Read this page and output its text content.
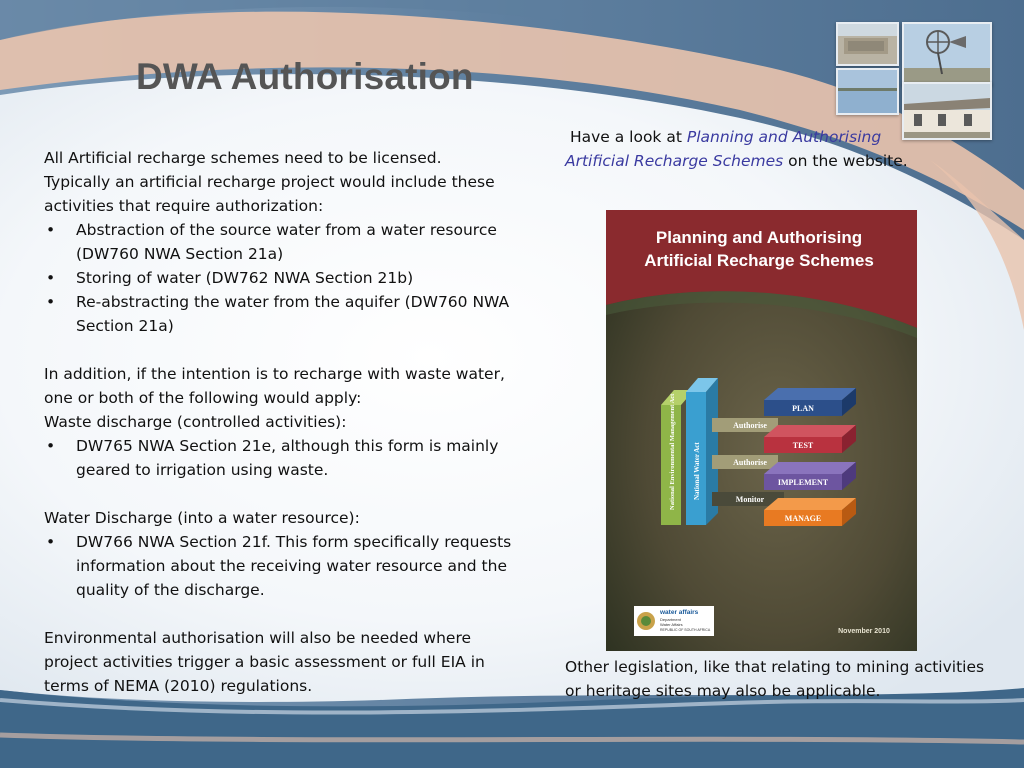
DWA Authorisation

All Artificial recharge schemes need to be licensed.

Typically an artificial recharge project would include these activities that require authorization:

• Abstraction of the source water from a water resource (DW760 NWA Section 21a)
• Storing of water (DW762 NWA Section 21b)
• Re-abstracting the water from the aquifer (DW760 NWA Section 21a)

In addition, if the intention is to recharge with waste water, one or both of the following would apply:

Waste discharge (controlled activities):

• DW765 NWA Section 21e, although this form is mainly geared to irrigation using waste.

Water Discharge (into a water resource):

• DW766 NWA Section 21f. This form specifically requests information about the receiving water resource and the quality of the discharge.

Environmental authorisation will also be needed where project activities trigger a basic assessment or full EIA in terms of NEMA (2010) regulations.

Have a look at Planning and Authorising Artificial Recharge Schemes on the website.
Planning and Authorising
Artificial Recharge Schemes
National Environmental Management Act National Water Act
Authorise
Authorise
Monitor
PLAN
TEST
IMPLEMENT
MANAGE
water affairs
Department
Water Affairs
REPUBLIC OF SOUTH AFRICA	November 2010
Other legislation, like that relating to mining activities or heritage sites may also be applicable.
